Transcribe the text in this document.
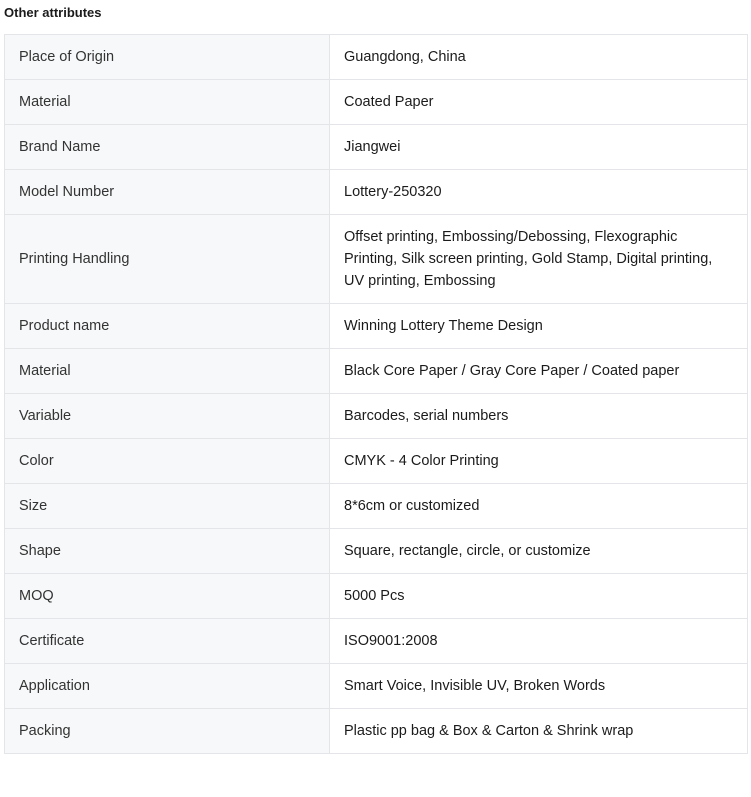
Other attributes
Place of Origin	Guangdong, China
Material	Coated Paper
Brand Name	Jiangwei
Model Number	Lottery-250320
Printing Handling	Offset printing, Embossing/Debossing, Flexographic Printing, Silk screen printing, Gold Stamp, Digital printing, UV printing, Embossing
Product name	Winning Lottery Theme Design
Material	Black Core Paper / Gray Core Paper / Coated paper
Variable	Barcodes, serial numbers
Color	CMYK - 4 Color Printing
Size	8*6cm or customized
Shape	Square, rectangle, circle, or customize
MOQ	5000 Pcs
Certificate	ISO9001:2008
Application	Smart Voice, Invisible UV, Broken Words
Packing	Plastic pp bag & Box & Carton & Shrink wrap
